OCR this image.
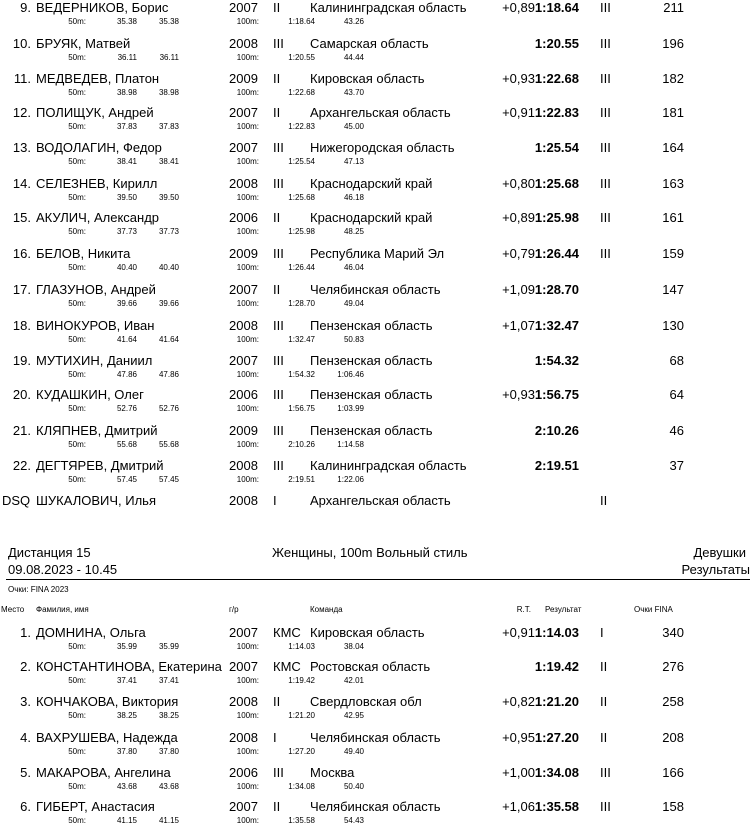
9. ВЕДЕРНИКОВ, Борис	2007 II Калининградская область	+0,89 1:18.64 III	211
50m:	35.38	35.38	100m:	1:18.64	43.26
10. БРУЯК, Матвей	2008 III Самарская область	1:20.55 III	196
50m:	36.11	36.11	100m:	1:20.55	44.44
11. МЕДВЕДЕВ, Платон	2009 II Кировская область	+0,93 1:22.68 III	182
50m:	38.98	38.98	100m:	1:22.68	43.70
12. ПОЛИЩУК, Андрей	2007 II Архангельская область	+0,91 1:22.83 III	181
50m:	37.83	37.83	100m:	1:22.83	45.00
13. ВОДОЛАГИН, Федор	2007 III Нижегородская область	1:25.54 III	164
50m:	38.41	38.41	100m:	1:25.54	47.13
14. СЕЛЕЗНЕВ, Кирилл	2008 III Краснодарский край	+0,80 1:25.68 III	163
50m:	39.50	39.50	100m:	1:25.68	46.18
15. АКУЛИЧ, Александр	2006 II Краснодарский край	+0,89 1:25.98 III	161
50m:	37.73	37.73	100m:	1:25.98	48.25
16. БЕЛОВ, Никита	2009 III Республика Марий Эл	+0,79 1:26.44 III	159
50m:	40.40	40.40	100m:	1:26.44	46.04
17. ГЛАЗУНОВ, Андрей	2007 II Челябинская область	+1,09 1:28.70	147
50m:	39.66	39.66	100m:	1:28.70	49.04
18. ВИНОКУРОВ, Иван	2008 III Пензенская область	+1,07 1:32.47	130
50m:	41.64	41.64	100m:	1:32.47	50.83
19. МУТИХИН, Даниил	2007 III Пензенская область	1:54.32	68
50m:	47.86	47.86	100m:	1:54.32	1:06.46
20. КУДАШКИН, Олег	2006 III Пензенская область	+0,93 1:56.75	64
50m:	52.76	52.76	100m:	1:56.75	1:03.99
21. КЛЯПНЕВ, Дмитрий	2009 III Пензенская область	2:10.26	46
50m:	55.68	55.68	100m:	2:10.26	1:14.58
22. ДЕГТЯРЕВ, Дмитрий	2008 III Калининградская область	2:19.51	37
50m:	57.45	57.45	100m:	2:19.51	1:22.06
DSQ ШУКАЛОВИЧ, Илья	2008 I	Архангельская область	II
Дистанция 15
09.08.2023 - 10.45
Женщины, 100m Вольный стиль	Девушки
Результаты
Очки: FINA 2023
Место Фамилия, имя	г/р	Команда	R.T. Результат	Очки FINA
1. ДОМНИНА, Ольга	2007 КМС Кировская область	+0,91 1:14.03 I	340
50m:	35.99	35.99	100m:	1:14.03	38.04
2. КОНСТАНТИНОВА, Екатерина 2007 КМС Ростовская область	1:19.42 II	276
50m:	37.41	37.41	100m:	1:19.42	42.01
3. КОНЧАКОВА, Виктория	2008 II Свердловская обл	+0,82 1:21.20 II	258
50m:	38.25	38.25	100m:	1:21.20	42.95
4. ВАХРУШЕВА, Надежда	2008 I	Челябинская область	+0,95 1:27.20 II	208
50m:	37.80	37.80	100m:	1:27.20	49.40
5. МАКАРОВА, Ангелина	2006 III Москва	+1,00 1:34.08 III	166
50m:	43.68	43.68	100m:	1:34.08	50.40
6. ГИБЕРТ, Анастасия	2007 II Челябинская область	+1,06 1:35.58 III	158
50m:	41.15	41.15	100m:	1:35.58	54.43
